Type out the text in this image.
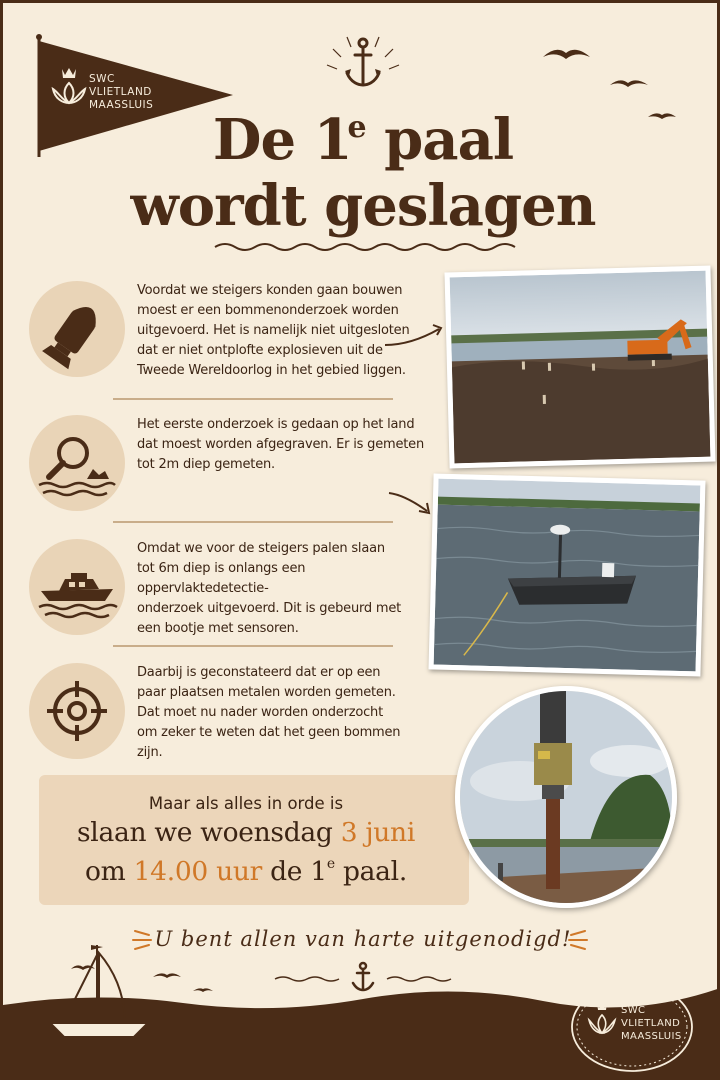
SWC
VLIETLAND
MAASSLUIS
De 1e paal
wordt geslagen
Voordat we steigers konden gaan bouwen
moest er een bommenonderzoek worden
uitgevoerd. Het is namelijk niet uitgesloten
dat er niet ontplofte explosieven uit de
Tweede Wereldoorlog in het gebied liggen.
Het eerste onderzoek is gedaan op het land
dat moest worden afgegraven. Er is gemeten
tot 2m diep gemeten.
Omdat we voor de steigers palen slaan
tot 6m diep is onlangs een oppervlaktedetectie-
onderzoek uitgevoerd. Dit is gebeurd met
een bootje met sensoren.
Daarbij is geconstateerd dat er op een
paar plaatsen metalen worden gemeten.
Dat moet nu nader worden onderzocht
om zeker te weten dat het geen bommen zijn.
Maar als alles in orde is
slaan we woensdag 3 juni
om 14.00 uur de 1e paal.
U bent allen van harte uitgenodigd!
SWC
VLIETLAND
MAASSLUIS
